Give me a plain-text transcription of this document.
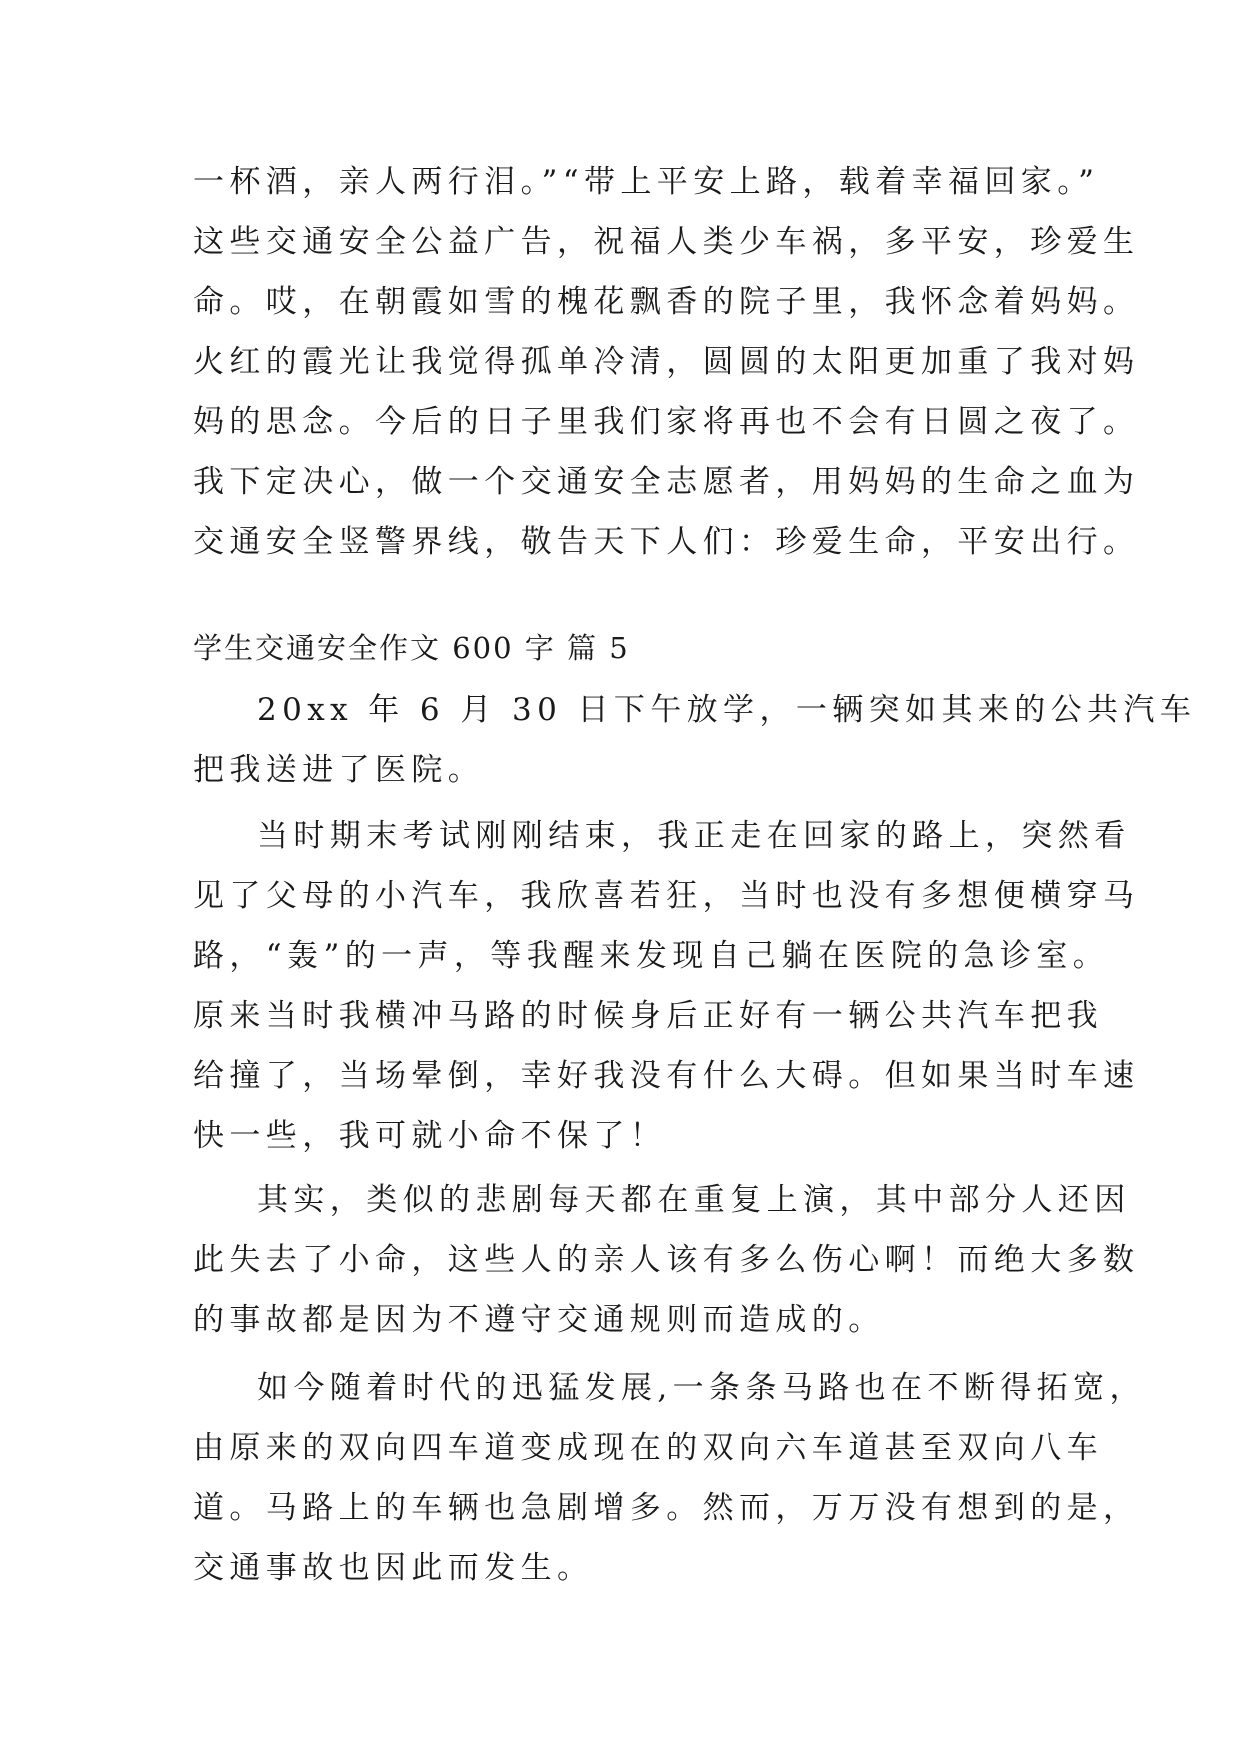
一杯酒，亲人两行泪。”“带上平安上路，载着幸福回家。”
这些交通安全公益广告，祝福人类少车祸，多平安，珍爱生
命。哎，在朝霞如雪的槐花飘香的院子里，我怀念着妈妈。
火红的霞光让我觉得孤单冷清，圆圆的太阳更加重了我对妈
妈的思念。今后的日子里我们家将再也不会有日圆之夜了。
我下定决心，做一个交通安全志愿者，用妈妈的生命之血为
交通安全竖警界线，敬告天下人们：珍爱生命，平安出行。
学生交通安全作文 600 字 篇 5
20xx 年 6 月 30 日下午放学，一辆突如其来的公共汽车
把我送进了医院。
当时期末考试刚刚结束，我正走在回家的路上，突然看
见了父母的小汽车，我欣喜若狂，当时也没有多想便横穿马
路，“轰”的一声，等我醒来发现自己躺在医院的急诊室。
原来当时我横冲马路的时候身后正好有一辆公共汽车把我
给撞了，当场晕倒，幸好我没有什么大碍。但如果当时车速
快一些，我可就小命不保了！
其实，类似的悲剧每天都在重复上演，其中部分人还因
此失去了小命，这些人的亲人该有多么伤心啊！而绝大多数
的事故都是因为不遵守交通规则而造成的。
如今随着时代的迅猛发展,一条条马路也在不断得拓宽，
由原来的双向四车道变成现在的双向六车道甚至双向八车
道。马路上的车辆也急剧增多。然而，万万没有想到的是，
交通事故也因此而发生。
